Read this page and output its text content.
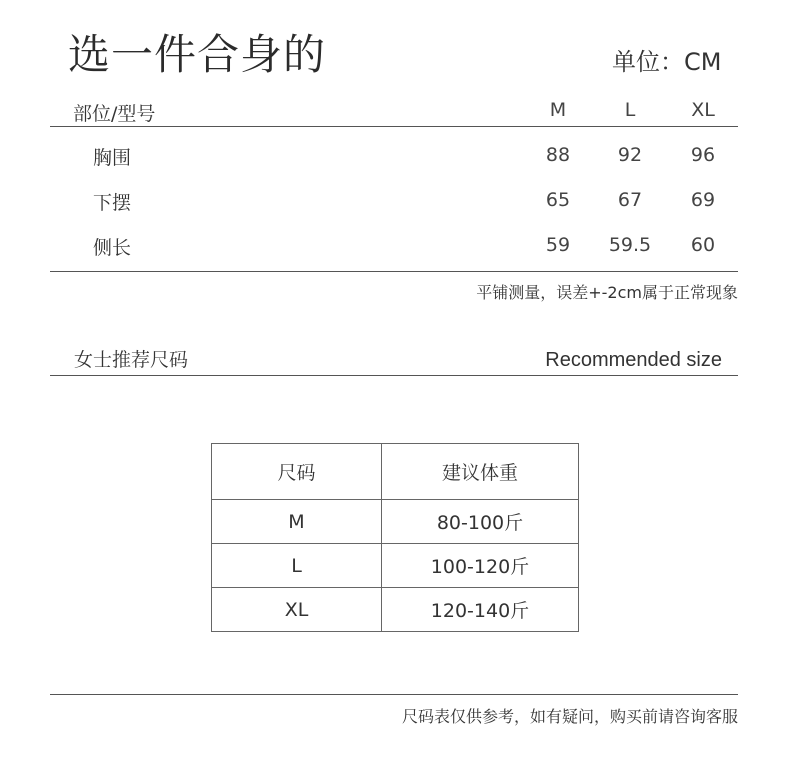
选一件合身的	单位：CM
部位/型号	M	L	XL
胸围	88	92	96
下摆	65	67	69
侧长	59	59.5	60
平铺测量，误差+-2cm属于正常现象
女士推荐尺码	Recommended size
尺码	建议体重
M	80-100斤
L	100-120斤
XL	120-140斤
尺码表仅供参考，如有疑问，购买前请咨询客服
